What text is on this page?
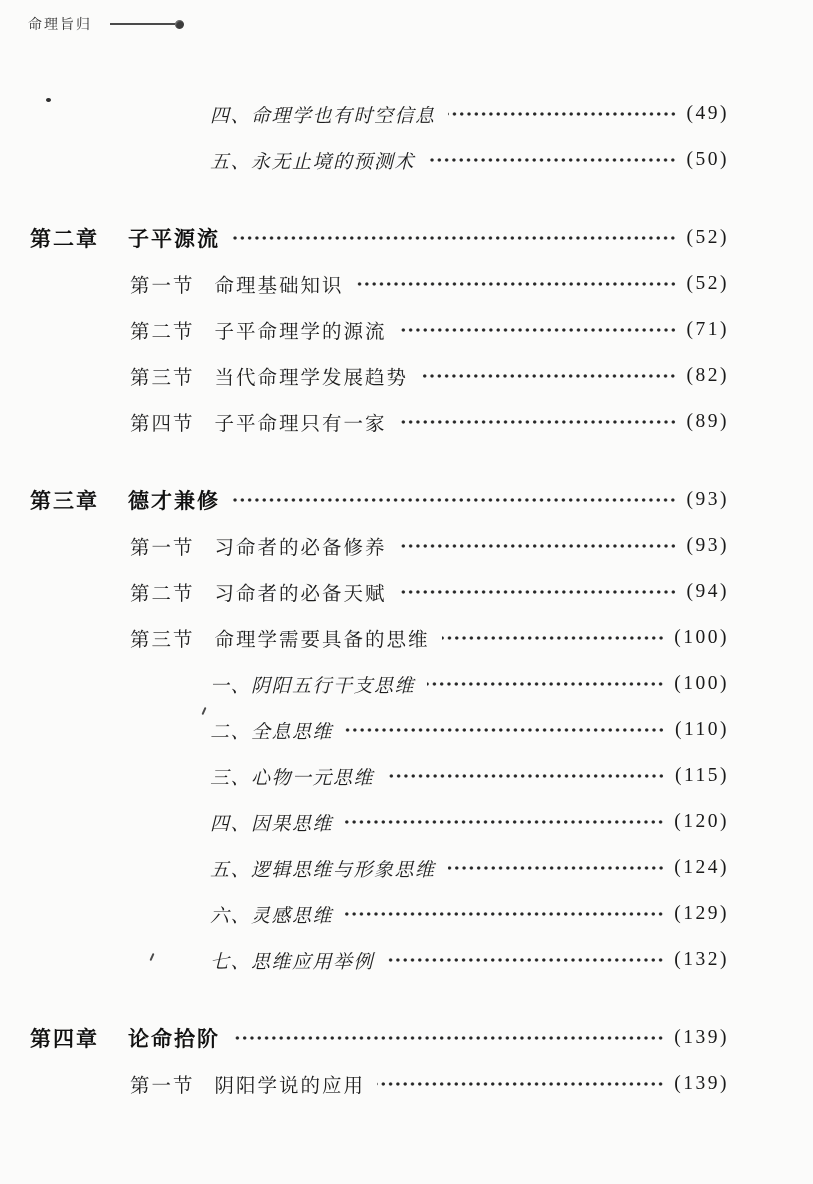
命理旨归
四、命理学也有时空信息	(49)
五、永无止境的预测术	(50)
第二章	子平源流	(52)
第一节 命理基础知识	(52)
第二节 子平命理学的源流	(71)
第三节 当代命理学发展趋势	(82)
第四节 子平命理只有一家	(89)
第三章	德才兼修	(93)
第一节 习命者的必备修养	(93)
第二节 习命者的必备天赋	(94)
第三节 命理学需要具备的思维	(100)
一、阴阳五行干支思维	(100)
二、全息思维	(110)
三、心物一元思维	(115)
四、因果思维	(120)
五、逻辑思维与形象思维	(124)
六、灵感思维	(129)
七、思维应用举例	(132)
第四章	论命拾阶	(139)
第一节 阴阳学说的应用	(139)
